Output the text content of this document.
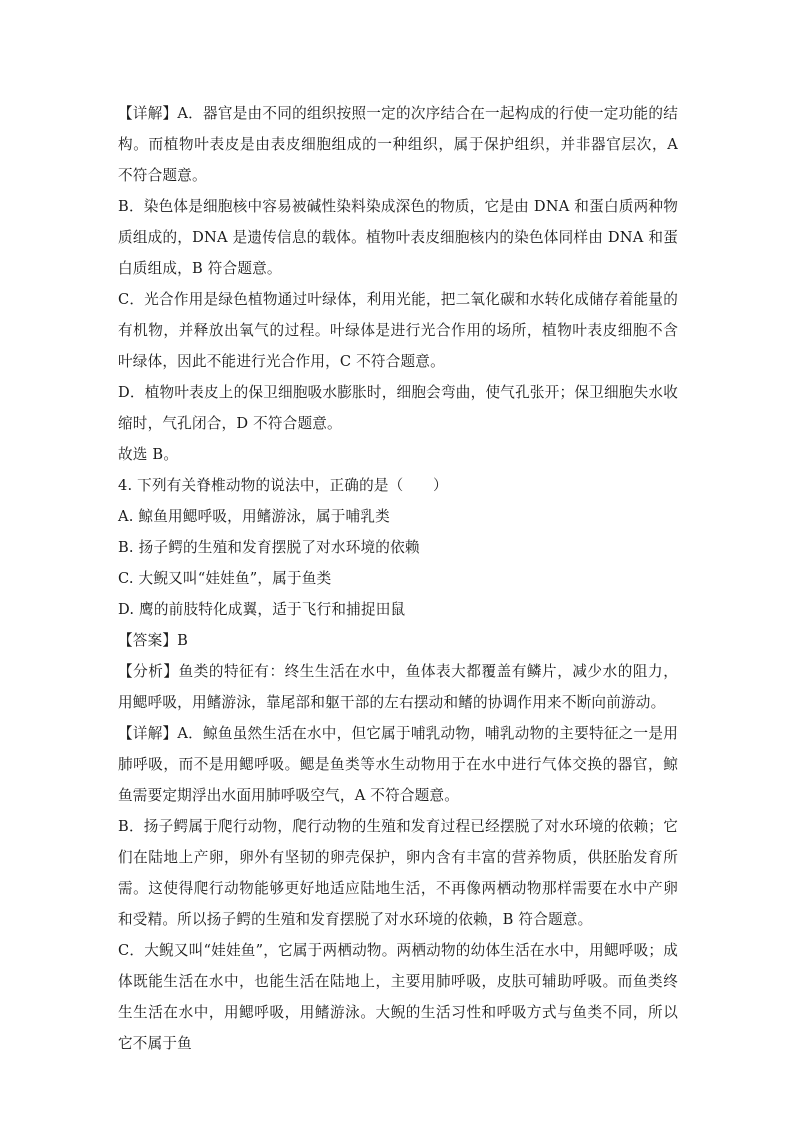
【详解】A．器官是由不同的组织按照一定的次序结合在一起构成的行使一定功能的结构。而植物叶表皮是由表皮细胞组成的一种组织，属于保护组织，并非器官层次，A 不符合题意。

B．染色体是细胞核中容易被碱性染料染成深色的物质，它是由 DNA 和蛋白质两种物质组成的，DNA 是遗传信息的载体。植物叶表皮细胞核内的染色体同样由 DNA 和蛋白质组成，B 符合题意。

C．光合作用是绿色植物通过叶绿体，利用光能，把二氧化碳和水转化成储存着能量的有机物，并释放出氧气的过程。叶绿体是进行光合作用的场所，植物叶表皮细胞不含叶绿体，因此不能进行光合作用，C 不符合题意。

D．植物叶表皮上的保卫细胞吸水膨胀时，细胞会弯曲，使气孔张开；保卫细胞失水收缩时，气孔闭合，D 不符合题意。

故选 B。

4. 下列有关脊椎动物的说法中，正确的是（　　）

A. 鲸鱼用鳃呼吸，用鳍游泳，属于哺乳类

B. 扬子鳄的生殖和发育摆脱了对水环境的依赖

C. 大鲵又叫“娃娃鱼”，属于鱼类

D. 鹰的前肢特化成翼，适于飞行和捕捉田鼠

【答案】B

【分析】鱼类的特征有：终生生活在水中，鱼体表大都覆盖有鳞片，减少水的阻力，用鳃呼吸，用鳍游泳，靠尾部和躯干部的左右摆动和鳍的协调作用来不断向前游动。

【详解】A．鲸鱼虽然生活在水中，但它属于哺乳动物，哺乳动物的主要特征之一是用肺呼吸，而不是用鳃呼吸。鳃是鱼类等水生动物用于在水中进行气体交换的器官，鲸鱼需要定期浮出水面用肺呼吸空气，A 不符合题意。

B．扬子鳄属于爬行动物，爬行动物的生殖和发育过程已经摆脱了对水环境的依赖；它们在陆地上产卵，卵外有坚韧的卵壳保护，卵内含有丰富的营养物质，供胚胎发育所需。这使得爬行动物能够更好地适应陆地生活，不再像两栖动物那样需要在水中产卵和受精。所以扬子鳄的生殖和发育摆脱了对水环境的依赖，B 符合题意。

C．大鲵又叫“娃娃鱼”，它属于两栖动物。两栖动物的幼体生活在水中，用鳃呼吸；成体既能生活在水中，也能生活在陆地上，主要用肺呼吸，皮肤可辅助呼吸。而鱼类终生生活在水中，用鳃呼吸，用鳍游泳。大鲵的生活习性和呼吸方式与鱼类不同，所以它不属于鱼
